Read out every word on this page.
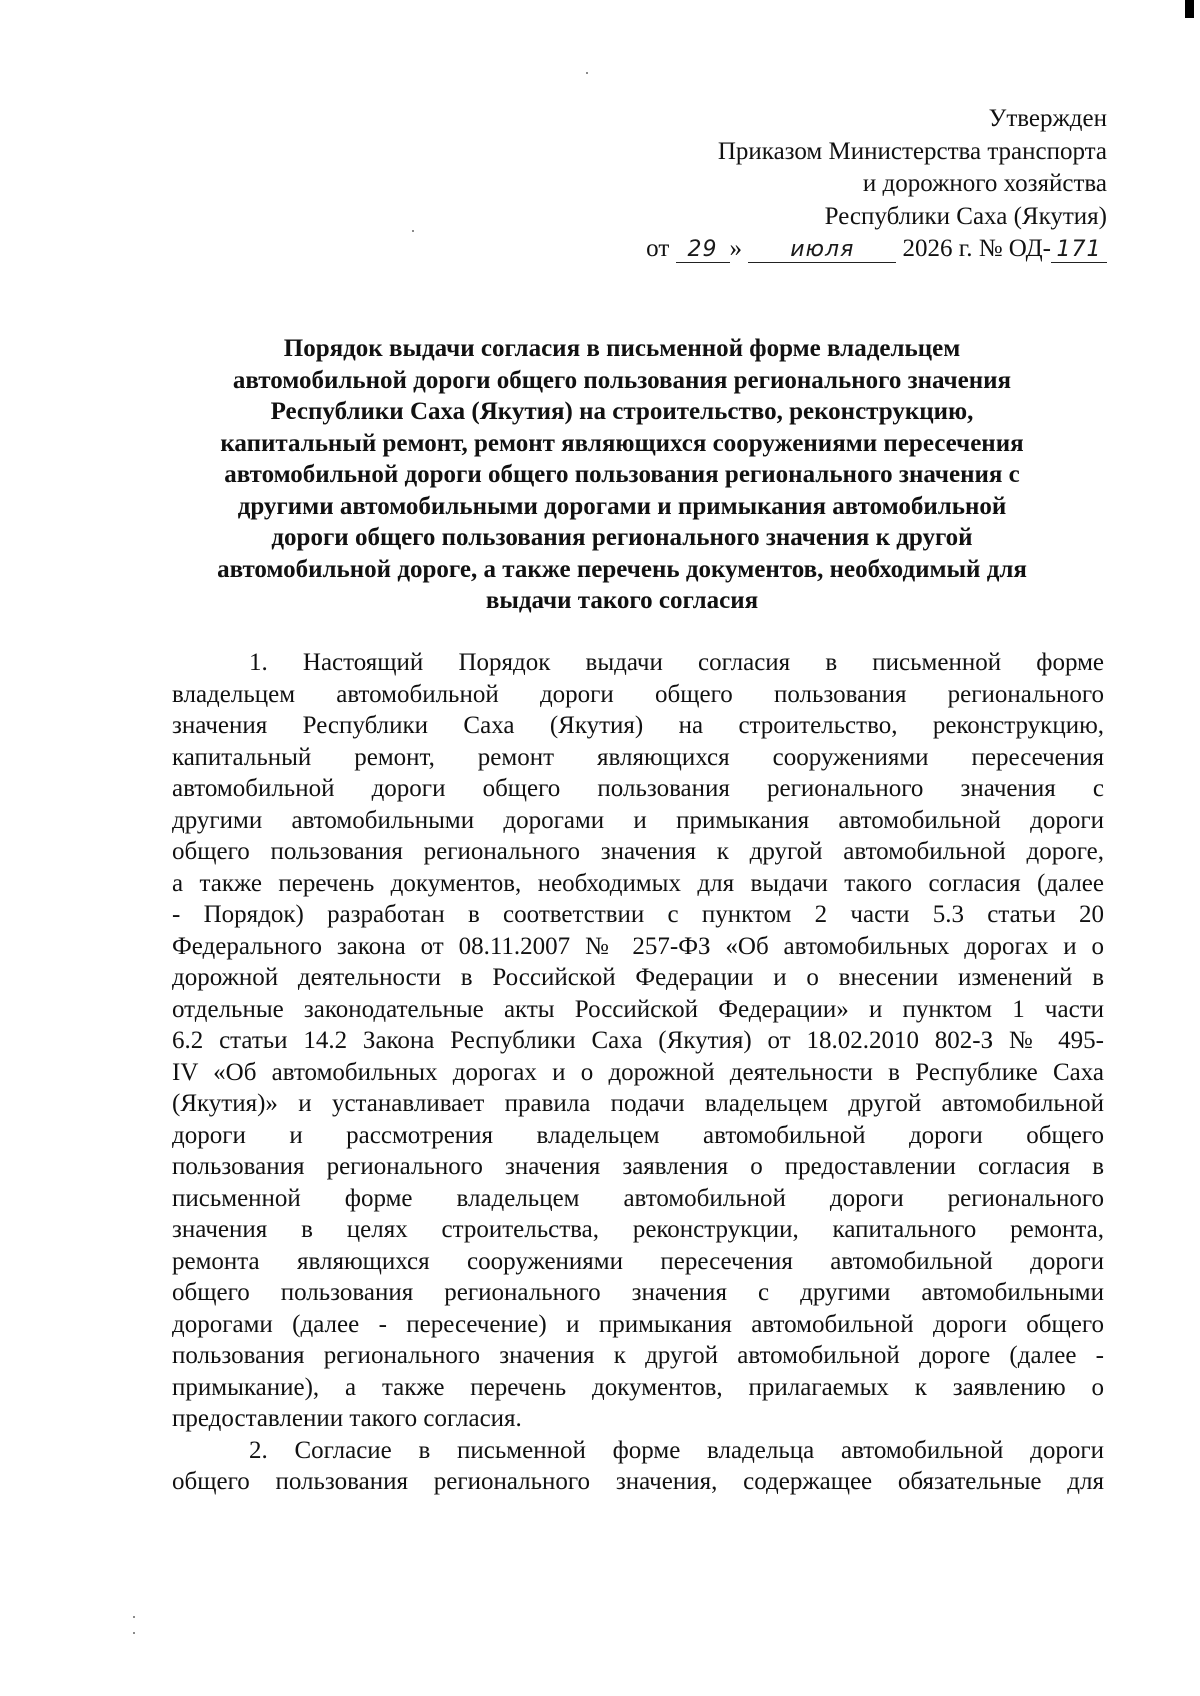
Утвержден
Приказом Министерства транспорта
и дорожного хозяйства
Республики Саха (Якутия)
от 29 » июля 2026 г. № ОД- 171
Порядок выдачи согласия в письменной форме владельцем
автомобильной дороги общего пользования регионального значения
Республики Саха (Якутия) на строительство, реконструкцию,
капитальный ремонт, ремонт являющихся сооружениями пересечения
автомобильной дороги общего пользования регионального значения с
другими автомобильными дорогами и примыкания автомобильной
дороги общего пользования регионального значения к другой
автомобильной дороге, а также перечень документов, необходимый для
выдачи такого согласия
1. Настоящий Порядок выдачи согласия в письменной форме
владельцем автомобильной дороги общего пользования регионального
значения Республики Саха (Якутия) на строительство, реконструкцию,
капитальный ремонт, ремонт являющихся сооружениями пересечения
автомобильной дороги общего пользования регионального значения с
другими автомобильными дорогами и примыкания автомобильной дороги
общего пользования регионального значения к другой автомобильной дороге,
а также перечень документов, необходимых для выдачи такого согласия (далее
- Порядок) разработан в соответствии с пунктом 2 части 5.3 статьи 20
Федерального закона от 08.11.2007 № 257-ФЗ «Об автомобильных дорогах и о
дорожной деятельности в Российской Федерации и о внесении изменений в
отдельные законодательные акты Российской Федерации» и пунктом 1 части
6.2 статьи 14.2 Закона Республики Саха (Якутия) от 18.02.2010 802-З № 495-
IV «Об автомобильных дорогах и о дорожной деятельности в Республике Саха
(Якутия)» и устанавливает правила подачи владельцем другой автомобильной
дороги и рассмотрения владельцем автомобильной дороги общего
пользования регионального значения заявления о предоставлении согласия в
письменной форме владельцем автомобильной дороги регионального
значения в целях строительства, реконструкции, капитального ремонта,
ремонта являющихся сооружениями пересечения автомобильной дороги
общего пользования регионального значения с другими автомобильными
дорогами (далее - пересечение) и примыкания автомобильной дороги общего
пользования регионального значения к другой автомобильной дороге (далее -
примыкание), а также перечень документов, прилагаемых к заявлению о
предоставлении такого согласия.
2. Согласие в письменной форме владельца автомобильной дороги
общего пользования регионального значения, содержащее обязательные для
